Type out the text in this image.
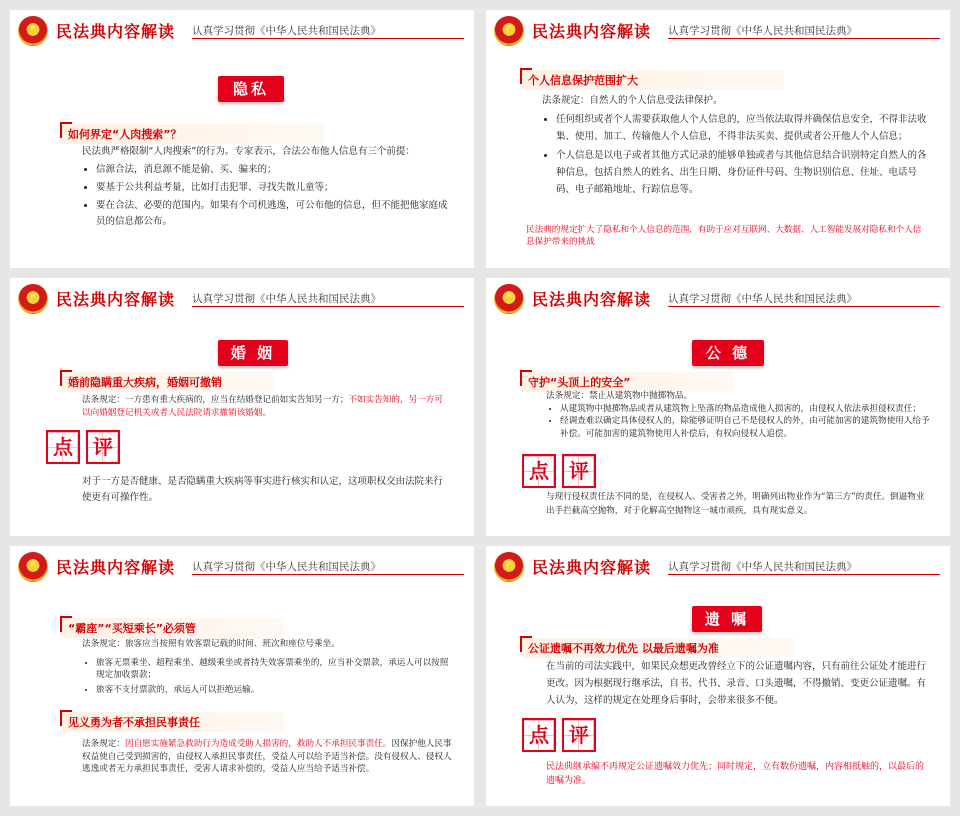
★
民法典内容解读 认真学习贯彻《中华人民共和国民法典》
隐私
如何界定“人肉搜索”？
民法典严格限制“人肉搜索”的行为。专家表示，合法公布他人信息有三个前提：
• 信源合法，消息源不能是偷、买、骗来的；
• 要基于公共利益考量，比如打击犯罪、寻找失散儿童等；
• 要在合法、必要的范围内。如果有个司机逃逸，可公布他的信息，但不能把他家庭成员的信息都公布。
★
民法典内容解读 认真学习贯彻《中华人民共和国民法典》
个人信息保护范围扩大
法条规定：自然人的个人信息受法律保护。
• 任何组织或者个人需要获取他人个人信息的，应当依法取得并确保信息安全，不得非法收集、使用、加工、传输他人个人信息，不得非法买卖、提供或者公开他人个人信息；
• 个人信息是以电子或者其他方式记录的能够单独或者与其他信息结合识别特定自然人的各种信息，包括自然人的姓名、出生日期、身份证件号码、生物识别信息、住址、电话号码、电子邮箱地址、行踪信息等。
民法典的规定扩大了隐私和个人信息的范围，有助于应对互联网、大数据、人工智能发展对隐私和个人信息保护带来的挑战
★
民法典内容解读 认真学习贯彻《中华人民共和国民法典》
婚 姻
婚前隐瞒重大疾病，婚姻可撤销
法条规定：一方患有重大疾病的，应当在结婚登记前如实告知另一方；不如实告知的，另一方可以向婚姻登记机关或者人民法院请求撤销该婚姻。
点	评
对于一方是否健康、是否隐瞒重大疾病等事实进行核实和认定，这项职权交由法院来行使更有可操作性。
★
民法典内容解读 认真学习贯彻《中华人民共和国民法典》
公 德
守护“头顶上的安全”
法条规定：禁止从建筑物中抛掷物品。
• 从建筑物中抛掷物品或者从建筑物上坠落的物品造成他人损害的，由侵权人依法承担侵权责任；
• 经调查难以确定具体侵权人的，除能够证明自己不是侵权人的外，由可能加害的建筑物使用人给予补偿。可能加害的建筑物使用人补偿后，有权向侵权人追偿。
点	评
与现行侵权责任法不同的是，在侵权人、受害者之外，明确列出物业作为“第三方”的责任。倒逼物业出手拦截高空抛物，对于化解高空抛物这一城市顽疾，具有现实意义。
★
民法典内容解读 认真学习贯彻《中华人民共和国民法典》
“霸座”“买短乘长”必须管
法条规定：旅客应当按照有效客票记载的时间、班次和座位号乘坐。
• 旅客无票乘坐、超程乘坐、越级乘坐或者持失效客票乘坐的，应当补交票款，承运人可以按照规定加收票款；
• 旅客不支付票款的，承运人可以拒绝运输。
见义勇为者不承担民事责任
法条规定：因自愿实施紧急救助行为造成受助人损害的，救助人不承担民事责任。因保护他人民事权益使自己受到损害的，由侵权人承担民事责任，受益人可以给予适当补偿。没有侵权人、侵权人逃逸或者无力承担民事责任，受害人请求补偿的，受益人应当给予适当补偿。
★
民法典内容解读 认真学习贯彻《中华人民共和国民法典》
遗 嘱
公证遗嘱不再效力优先 以最后遗嘱为准
在当前的司法实践中，如果民众想更改曾经立下的公证遗嘱内容，只有前往公证处才能进行更改。因为根据现行继承法，自书、代书、录音、口头遗嘱，不得撤销、变更公证遗嘱。有人认为，这样的规定在处理身后事时，会带来很多不便。
点	评
民法典继承编不再规定公证遗嘱效力优先；同时规定，立有数份遗嘱，内容相抵触的，以最后的遗嘱为准。
